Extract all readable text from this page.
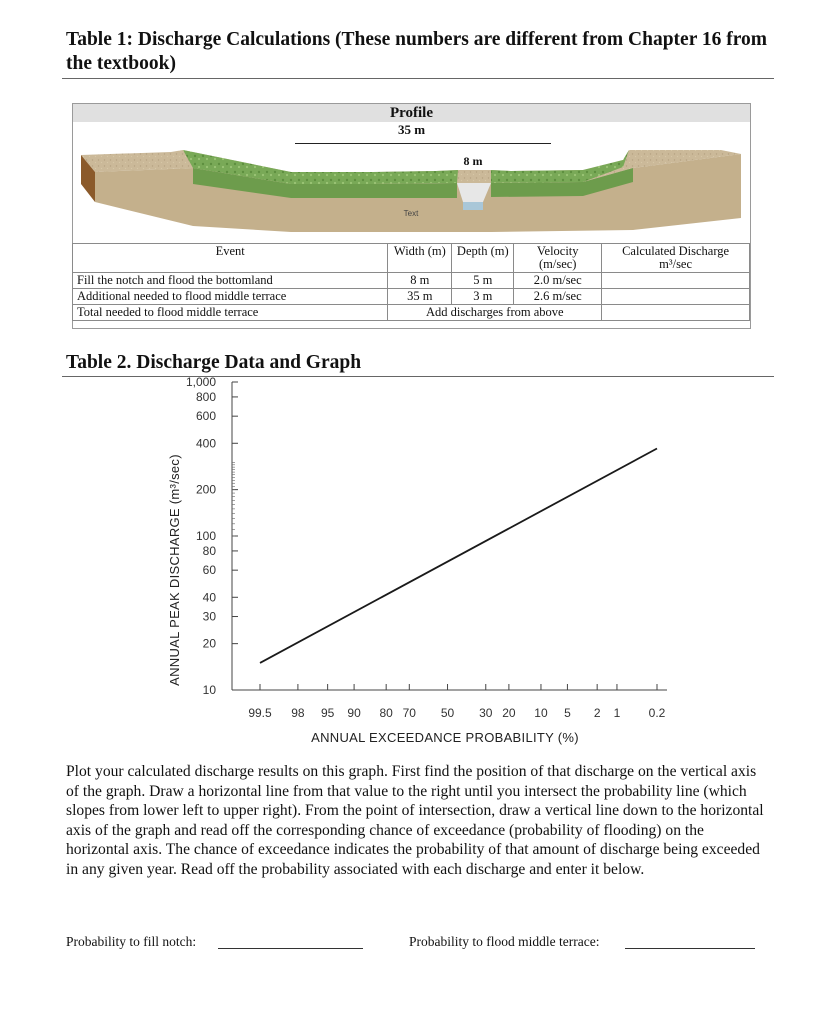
Table 1: Discharge Calculations (These numbers are different from Chapter 16 from the textbook)
Profile
35 m
8 m
Text
Event	Width (m)	Depth (m)	Velocity (m/sec)	Calculated Discharge m³/sec
Fill the notch and flood the bottomland	8 m	5 m	2.0 m/sec	
Additional needed to flood middle terrace	35 m	3 m	2.6 m/sec	
Total needed to flood middle terrace	Add discharges from above			
Table 2. Discharge Data and Graph
1,000
800
600
400
200
100
80
60
40
30
20
10
99.5 98 95 90 80 70 50 30 20 10 5 2 1 0.2
ANNUAL PEAK DISCHARGE (m³/sec)
ANNUAL EXCEEDANCE PROBABILITY (%)
Plot your calculated discharge results on this graph. First find the position of that discharge on the vertical axis of the graph. Draw a horizontal line from that value to the right until you intersect the probability line (which slopes from lower left to upper right). From the point of intersection, draw a vertical line down to the horizontal axis of the graph and read off the corresponding chance of exceedance (probability of flooding) on the horizontal axis. The chance of exceedance indicates the probability of that amount of discharge being exceeded in any given year. Read off the probability associated with each discharge and enter it below.
Probability to fill notch:	Probability to flood middle terrace:
